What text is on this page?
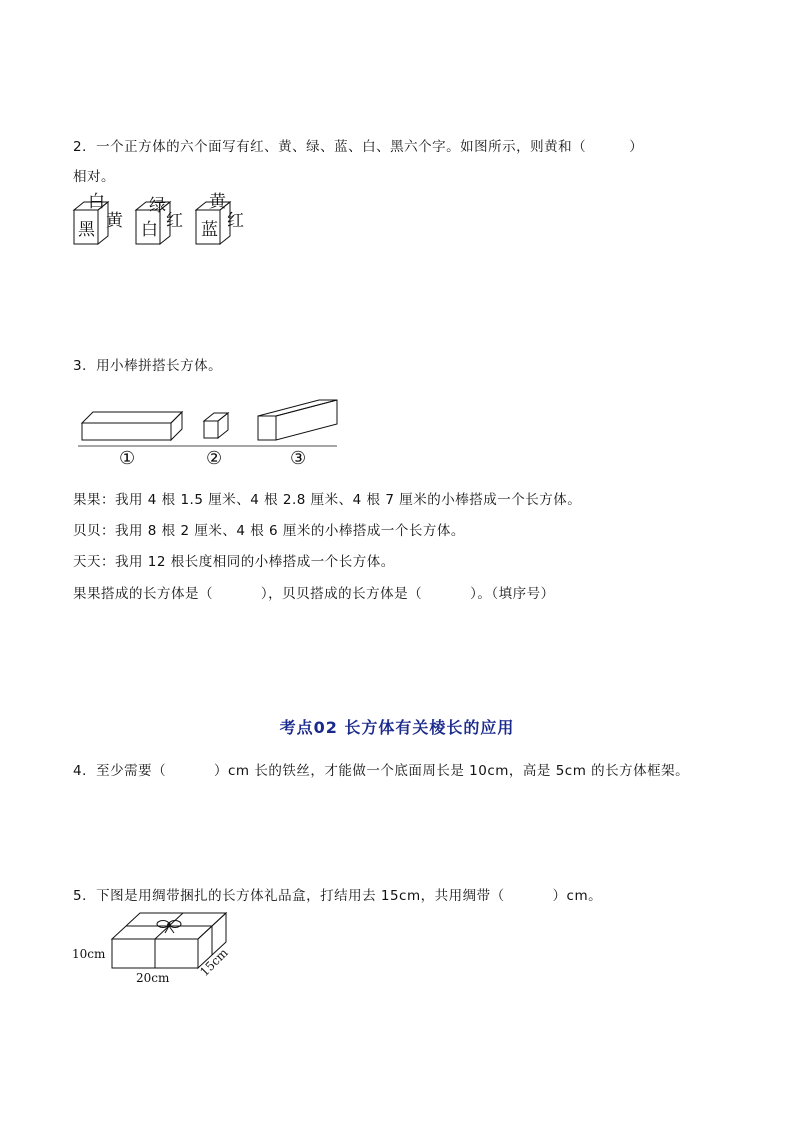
2．一个正方体的六个面写有红、黄、绿、蓝、白、黑六个字。如图所示，则黄和（         ）
相对。
白
黑 黄
绿
白 红
黄
蓝 红
3．用小棒拼搭长方体。
①	②	③
果果：我用 4 根 1.5 厘米、4 根 2.8 厘米、4 根 7 厘米的小棒搭成一个长方体。
贝贝：我用 8 根 2 厘米、4 根 6 厘米的小棒搭成一个长方体。
天天：我用 12 根长度相同的小棒搭成一个长方体。
果果搭成的长方体是（          ），贝贝搭成的长方体是（          ）。（填序号）
考点02 长方体有关棱长的应用
4．至少需要（          ）cm 长的铁丝，才能做一个底面周长是 10cm，高是 5cm 的长方体框架。
5．下图是用绸带捆扎的长方体礼品盒，打结用去 15cm，共用绸带（          ）cm。
10cm
20cm 15cm
